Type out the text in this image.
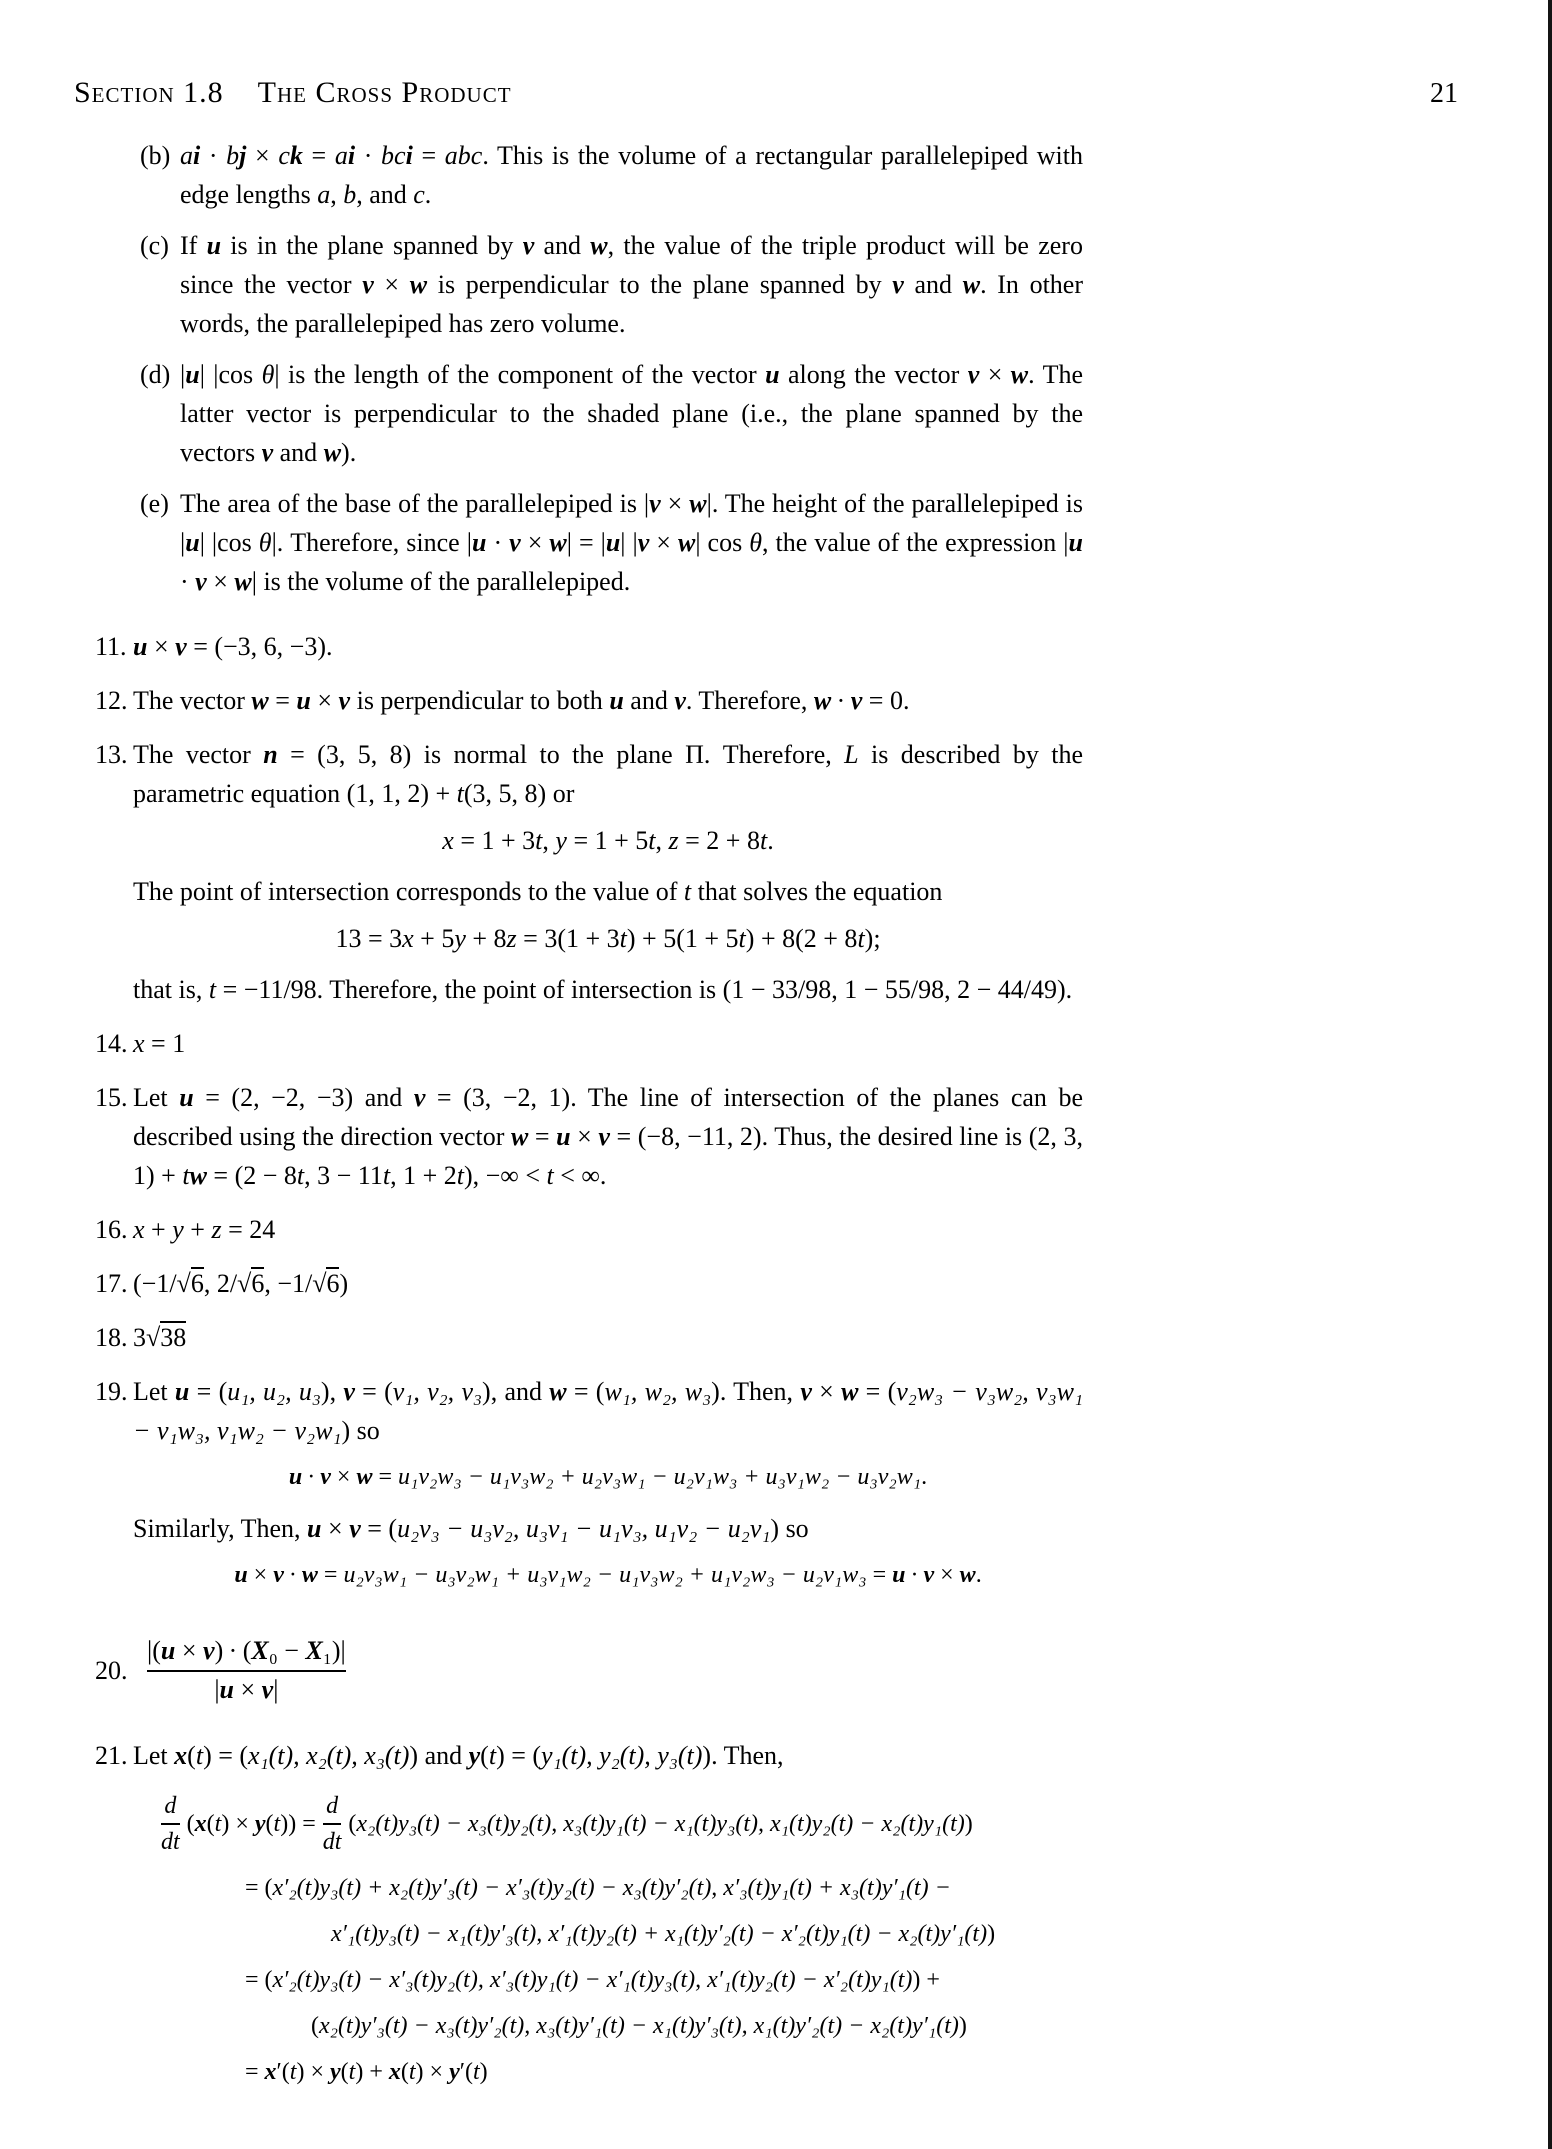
Section 1.8 The Cross Product	21
(b) ai · bj × ck = ai · bci = abc. This is the volume of a rectangular parallelepiped with edge lengths a, b, and c.
(c) If u is in the plane spanned by v and w, the value of the triple product will be zero since the vector v × w is perpendicular to the plane spanned by v and w. In other words, the parallelepiped has zero volume.
(d) |u| |cos θ| is the length of the component of the vector u along the vector v × w. The latter vector is perpendicular to the shaded plane (i.e., the plane spanned by the vectors v and w).
(e) The area of the base of the parallelepiped is |v × w|. The height of the parallelepiped is |u| |cos θ|. Therefore, since |u · v × w| = |u| |v × w| cos θ, the value of the expression |u · v × w| is the volume of the parallelepiped.
11. u × v = (−3, 6, −3).
12. The vector w = u × v is perpendicular to both u and v. Therefore, w ∙ v = 0.
13. The vector n = (3, 5, 8) is normal to the plane Π. Therefore, L is described by the parametric equation (1, 1, 2) + t(3, 5, 8) or
x = 1 + 3t, y = 1 + 5t, z = 2 + 8t.
The point of intersection corresponds to the value of t that solves the equation
13 = 3x + 5y + 8z = 3(1 + 3t) + 5(1 + 5t) + 8(2 + 8t);
that is, t = −11/98. Therefore, the point of intersection is (1 − 33/98, 1 − 55/98, 2 − 44/49).
14. x = 1
15. Let u = (2, −2, −3) and v = (3, −2, 1). The line of intersection of the planes can be described using the direction vector w = u × v = (−8, −11, 2). Thus, the desired line is (2, 3, 1) + tw = (2 − 8t, 3 − 11t, 1 + 2t), −∞ < t < ∞.
16. x + y + z = 24
17. (−1/√6, 2/√6, −1/√6)
18. 3√38
19. Let u = (u₁, u₂, u₃), v = (v₁, v₂, v₃), and w = (w₁, w₂, w₃). Then, v × w = (v₂w₃ − v₃w₂, v₃w₁ − v₁w₃, v₁w₂ − v₂w₁) so
u ∙ v × w = u₁v₂w₃ − u₁v₃w₂ + u₂v₃w₁ − u₂v₁w₃ + u₃v₁w₂ − u₃v₂w₁.
Similarly, Then, u × v = (u₂v₃ − u₃v₂, u₃v₁ − u₁v₃, u₁v₂ − u₂v₁) so
u × v ∙ w = u₂v₃w₁ − u₃v₂w₁ + u₃v₁w₂ − u₁v₃w₂ + u₁v₂w₃ − u₂v₁w₃ = u ∙ v × w.
20. $\frac{\text{|(u × v) ∙ (X₀ − X₁)|}}{|u \times v|}$
21. Let x(t) = (x₁(t), x₂(t), x₃(t)) and y(t) = (y₁(t), y₂(t), y₃(t)). Then,
$\frac{d}{dt} (x(t) \times y(t)) = \frac{d}{dt} (x_2(t)y_3(t) - x_3(t)y_2(t)$, x₃(t)y₁(t) − x₁(t)y₃(t), x₁(t)y₂(t) − x₂(t)y₁(t))
= (x′₂(t)y₃(t) + x₂(t)y′₃(t) − x′₃(t)y₂(t) − x₃(t)y′₂(t), x′₃(t)y₁(t) + x₃(t)y′₁(t) −
x′₁(t)y₃(t) − x₁(t)y′₃(t), x′₁(t)y₂(t) + x₁(t)y′₂(t) − x′₂(t)y₁(t) − x₂(t)y′₁(t))
= (x′₂(t)y₃(t) − x′₃(t)y₂(t), x′₃(t)y₁(t) − x′₁(t)y₃(t), x′₁(t)y₂(t) − x′₂(t)y₁(t)) +
(x₂(t)y′₃(t) − x₃(t)y′₂(t), x₃(t)y′₁(t) − x₁(t)y′₃(t), x₁(t)y′₂(t) − x₂(t)y′₁(t))
= x′(t) × y(t) + x(t) × y′(t)
